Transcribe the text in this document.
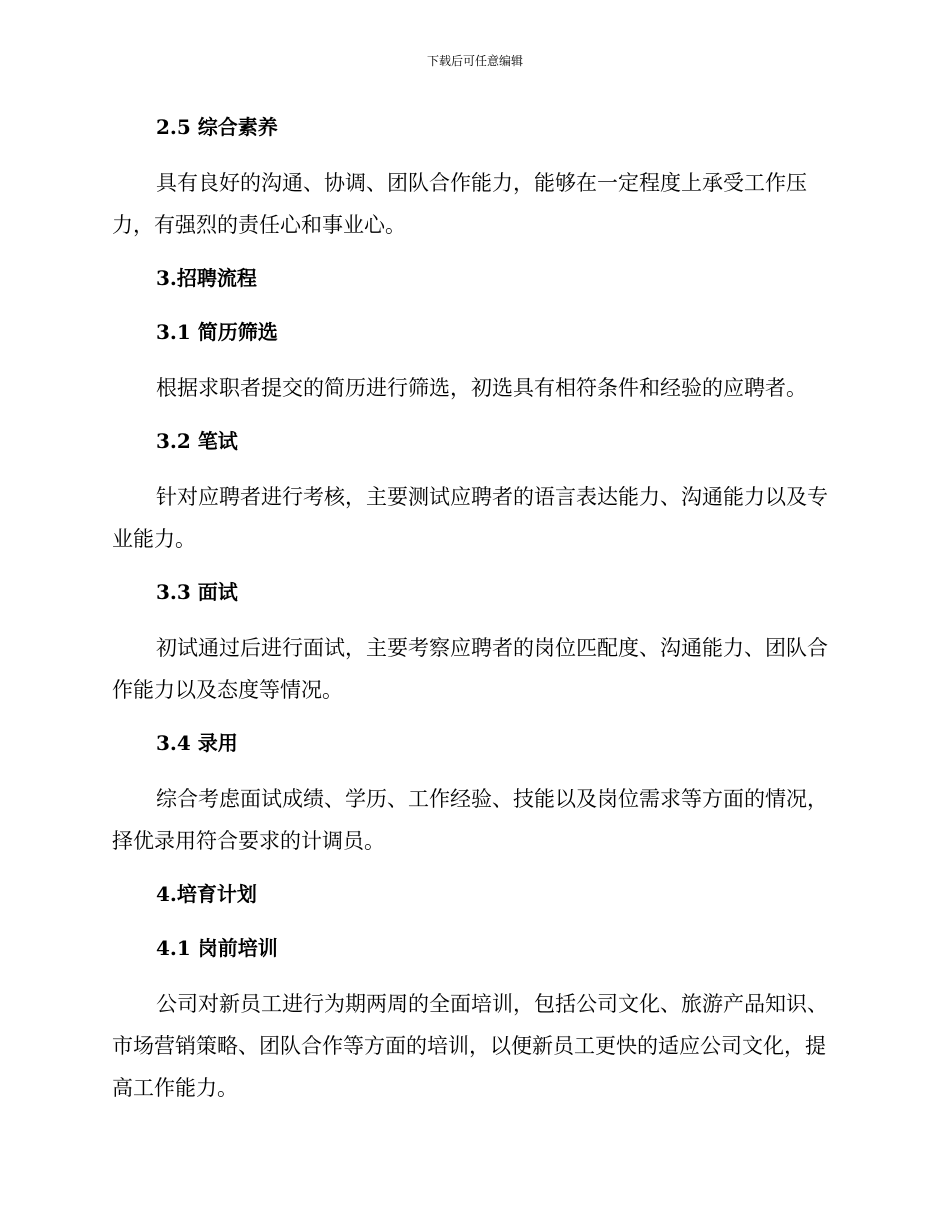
下载后可任意编辑
2.5 综合素养

具有良好的沟通、协调、团队合作能力，能够在一定程度上承受工作压力，有强烈的责任心和事业心。

3.招聘流程
3.1 简历筛选

根据求职者提交的简历进行筛选，初选具有相符条件和经验的应聘者。

3.2 笔试

针对应聘者进行考核，主要测试应聘者的语言表达能力、沟通能力以及专业能力。

3.3 面试

初试通过后进行面试，主要考察应聘者的岗位匹配度、沟通能力、团队合作能力以及态度等情况。

3.4 录用

综合考虑面试成绩、学历、工作经验、技能以及岗位需求等方面的情况，择优录用符合要求的计调员。

4.培育计划
4.1 岗前培训

公司对新员工进行为期两周的全面培训，包括公司文化、旅游产品知识、市场营销策略、团队合作等方面的培训，以便新员工更快的适应公司文化，提高工作能力。
